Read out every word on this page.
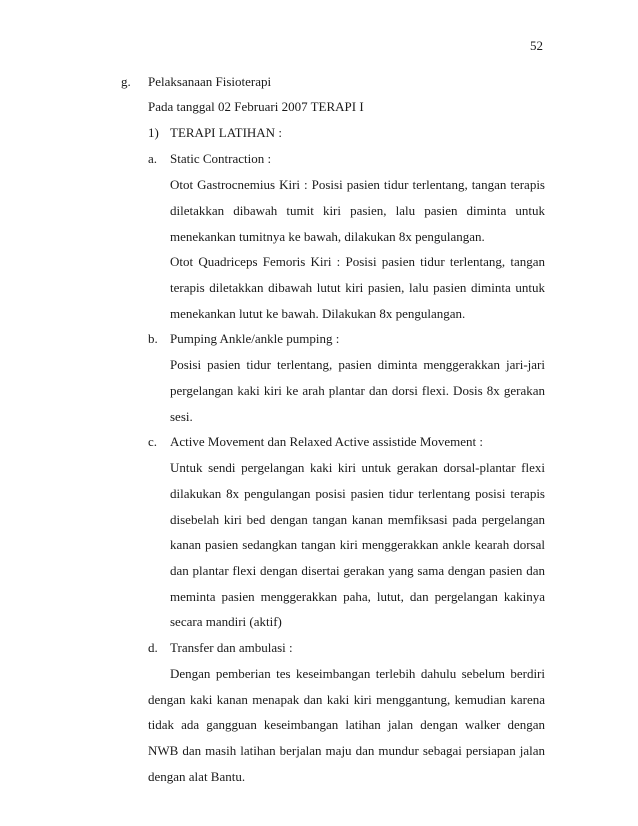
52
g. Pelaksanaan Fisioterapi
Pada tanggal 02 Februari 2007 TERAPI I
1) TERAPI LATIHAN :
a. Static Contraction :
Otot Gastrocnemius Kiri : Posisi pasien tidur terlentang, tangan terapis
diletakkan dibawah tumit kiri pasien, lalu pasien diminta untuk
menekankan tumitnya ke bawah, dilakukan 8x pengulangan.
Otot Quadriceps Femoris Kiri : Posisi pasien tidur terlentang, tangan
terapis diletakkan dibawah lutut kiri pasien, lalu pasien diminta untuk
menekankan lutut ke bawah. Dilakukan 8x pengulangan.
b. Pumping Ankle/ankle pumping :
Posisi pasien tidur terlentang, pasien diminta menggerakkan jari-jari
pergelangan kaki kiri ke arah plantar dan dorsi flexi. Dosis 8x gerakan
sesi.
c. Active Movement dan Relaxed Active assistide Movement :
Untuk sendi pergelangan kaki kiri untuk gerakan dorsal-plantar flexi
dilakukan 8x pengulangan posisi pasien tidur terlentang posisi terapis
disebelah kiri bed dengan tangan kanan memfiksasi pada pergelangan
kanan pasien sedangkan tangan kiri menggerakkan ankle kearah dorsal
dan plantar flexi dengan disertai gerakan yang sama dengan pasien dan
meminta pasien menggerakkan paha, lutut, dan pergelangan kakinya
secara mandiri (aktif)
d. Transfer dan ambulasi :
Dengan pemberian tes keseimbangan terlebih dahulu sebelum berdiri
dengan kaki kanan menapak dan kaki kiri menggantung, kemudian karena
tidak ada gangguan keseimbangan latihan jalan dengan walker dengan
NWB dan masih latihan berjalan maju dan mundur sebagai persiapan jalan
dengan alat Bantu.
